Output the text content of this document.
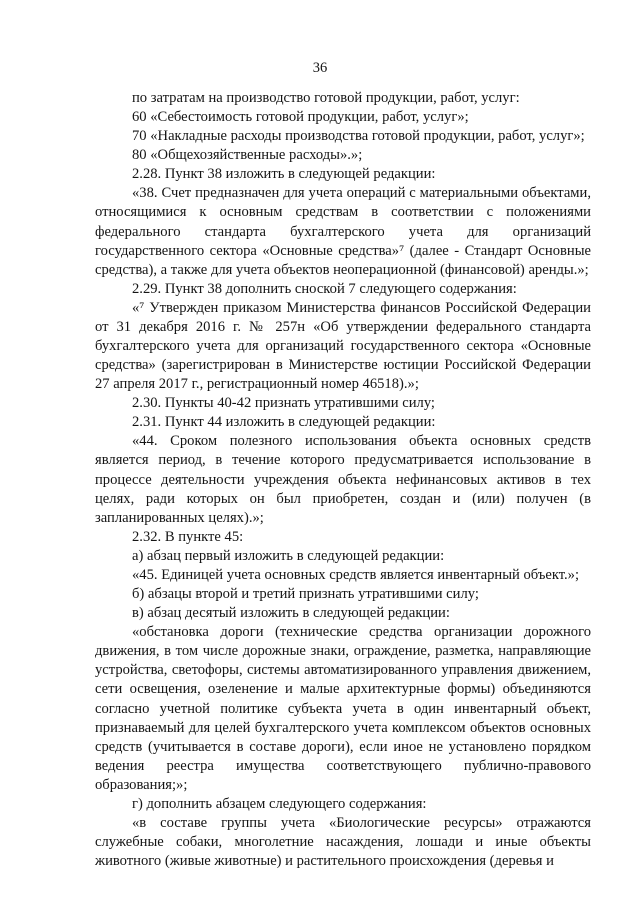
36

по затратам на производство готовой продукции, работ, услуг:

60 «Себестоимость готовой продукции, работ, услуг»;

70 «Накладные расходы производства готовой продукции, работ, услуг»;

80 «Общехозяйственные расходы».»;

2.28. Пункт 38 изложить в следующей редакции:

«38. Счет предназначен для учета операций с материальными объектами, относящимися к основным средствам в соответствии с положениями федерального стандарта бухгалтерского учета для организаций государственного сектора «Основные средства»⁷ (далее - Стандарт Основные средства), а также для учета объектов неоперационной (финансовой) аренды.»;

2.29. Пункт 38 дополнить сноской 7 следующего содержания:

«⁷ Утвержден приказом Министерства финансов Российской Федерации от 31 декабря 2016 г. № 257н «Об утверждении федерального стандарта бухгалтерского учета для организаций государственного сектора «Основные средства» (зарегистрирован в Министерстве юстиции Российской Федерации 27 апреля 2017 г., регистрационный номер 46518).»;

2.30. Пункты 40-42 признать утратившими силу;

2.31. Пункт 44 изложить в следующей редакции:

«44. Сроком полезного использования объекта основных средств является период, в течение которого предусматривается использование в процессе деятельности учреждения объекта нефинансовых активов в тех целях, ради которых он был приобретен, создан и (или) получен (в запланированных целях).»;

2.32. В пункте 45:

а) абзац первый изложить в следующей редакции:

«45. Единицей учета основных средств является инвентарный объект.»;

б) абзацы второй и третий признать утратившими силу;

в) абзац десятый изложить в следующей редакции:

«обстановка дороги (технические средства организации дорожного движения, в том числе дорожные знаки, ограждение, разметка, направляющие устройства, светофоры, системы автоматизированного управления движением, сети освещения, озеленение и малые архитектурные формы) объединяются согласно учетной политике субъекта учета в один инвентарный объект, признаваемый для целей бухгалтерского учета комплексом объектов основных средств (учитывается в составе дороги), если иное не установлено порядком ведения реестра имущества соответствующего публично-правового образования;»;

г) дополнить абзацем следующего содержания:

«в составе группы учета «Биологические ресурсы» отражаются служебные собаки, многолетние насаждения, лошади и иные объекты животного (живые животные) и растительного происхождения (деревья и
